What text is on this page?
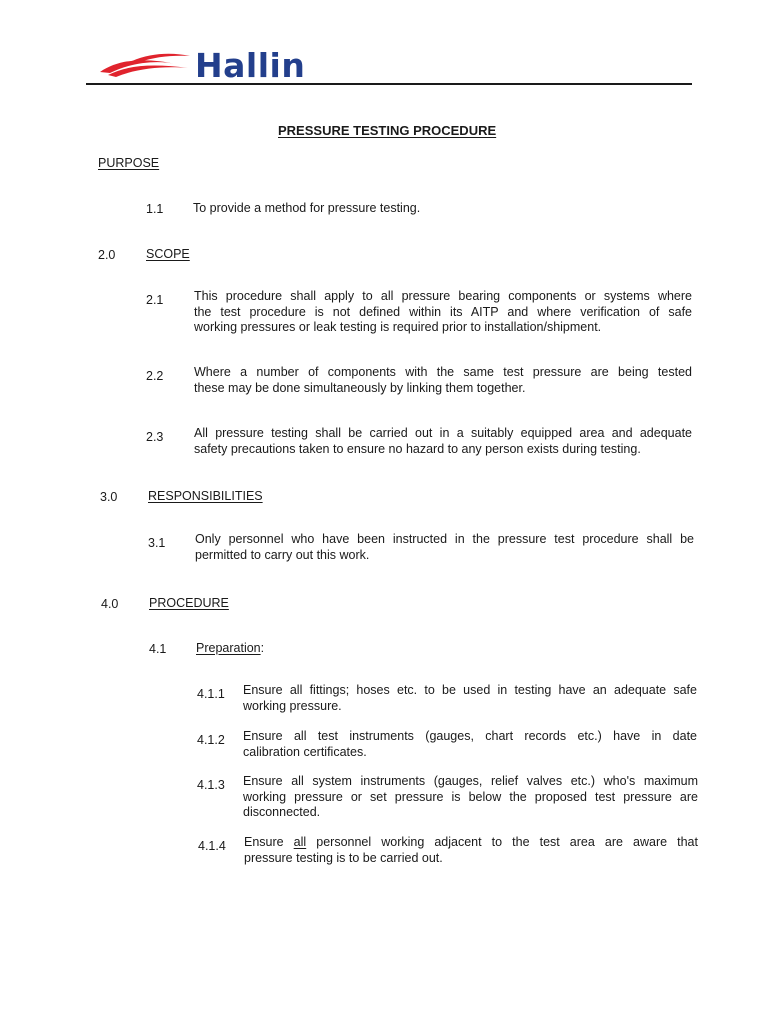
Hallin
PRESSURE TESTING PROCEDURE
PURPOSE
1.1 To provide a method for pressure testing.
2.0 SCOPE
2.1 This procedure shall apply to all pressure bearing components or systems where
the test procedure is not defined within its AITP and where verification of safe
working pressures or leak testing is required prior to installation/shipment.
2.2 Where a number of components with the same test pressure are being tested
these may be done simultaneously by linking them together.
2.3 All pressure testing shall be carried out in a suitably equipped area and adequate
safety precautions taken to ensure no hazard to any person exists during testing.
3.0 RESPONSIBILITIES
3.1 Only personnel who have been instructed in the pressure test procedure shall be
permitted to carry out this work.
4.0 PROCEDURE
4.1 Preparation:
4.1.1 Ensure all fittings; hoses etc. to be used in testing have an adequate safe
working pressure.
4.1.2 Ensure all test instruments (gauges, chart records etc.) have in date
calibration certificates.
4.1.3 Ensure all system instruments (gauges, relief valves etc.) who's maximum
working pressure or set pressure is below the proposed test pressure are
disconnected.
4.1.4 Ensure all personnel working adjacent to the test area are aware that
pressure testing is to be carried out.
